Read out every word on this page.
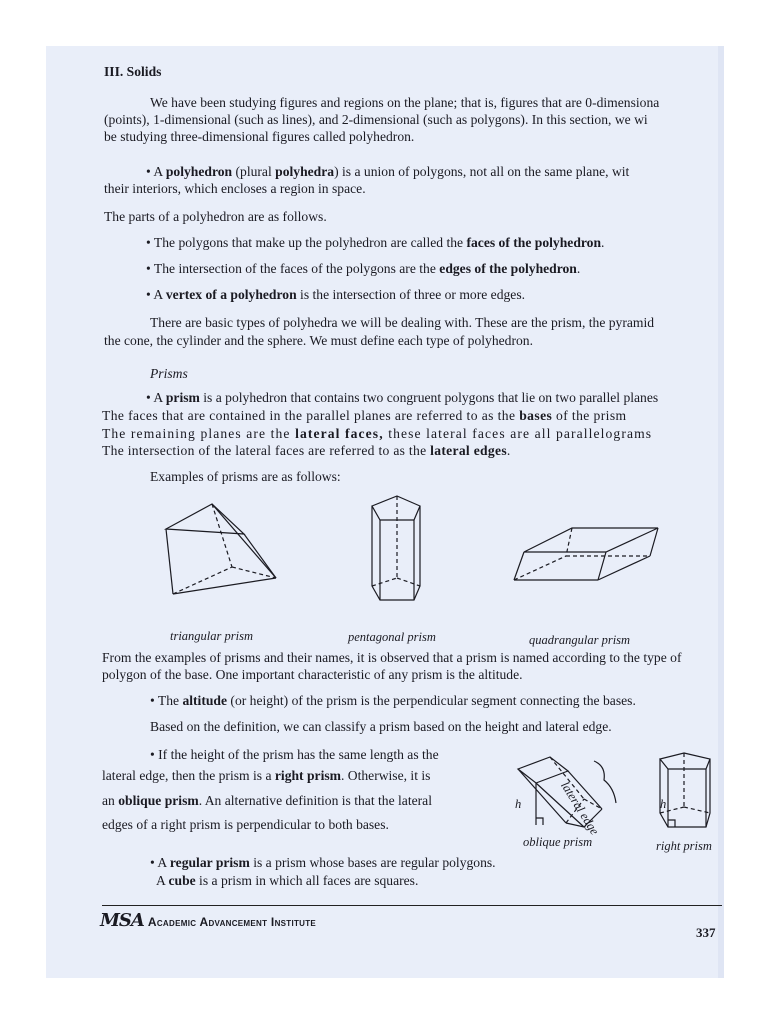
III. Solids

We have been studying figures and regions on the plane; that is, figures that are 0-dimensiona

(points), 1-dimensional (such as lines), and 2-dimensional (such as polygons). In this section, we wi

be studying three-dimensional figures called polyhedron.

• A polyhedron (plural polyhedra) is a union of polygons, not all on the same plane, wit

their interiors, which encloses a region in space.

The parts of a polyhedron are as follows.

• The polygons that make up the polyhedron are called the faces of the polyhedron.

• The intersection of the faces of the polygons are the edges of the polyhedron.

• A vertex of a polyhedron is the intersection of three or more edges.

There are basic types of polyhedra we will be dealing with. These are the prism, the pyramid

the cone, the cylinder and the sphere. We must define each type of polyhedron.

Prisms

• A prism is a polyhedron that contains two congruent polygons that lie on two parallel planes

The faces that are contained in the parallel planes are referred to as the bases of the prism

The remaining planes are the lateral faces, these lateral faces are all parallelograms

The intersection of the lateral faces are referred to as the lateral edges.

Examples of prisms are as follows:

triangular prism	pentagonal prism	quadrangular prism

From the examples of prisms and their names, it is observed that a prism is named according to the type of

polygon of the base. One important characteristic of any prism is the altitude.

• The altitude (or height) of the prism is the perpendicular segment connecting the bases.

Based on the definition, we can classify a prism based on the height and lateral edge.

• If the height of the prism has the same length as the

lateral edge, then the prism is a right prism. Otherwise, it is

an oblique prism. An alternative definition is that the lateral

edges of a right prism is perpendicular to both bases.

h	lateral edge	h

oblique prism	right prism

• A regular prism is a prism whose bases are regular polygons.

A cube is a prism in which all faces are squares.

MSA Academic Advancement Institute

337
